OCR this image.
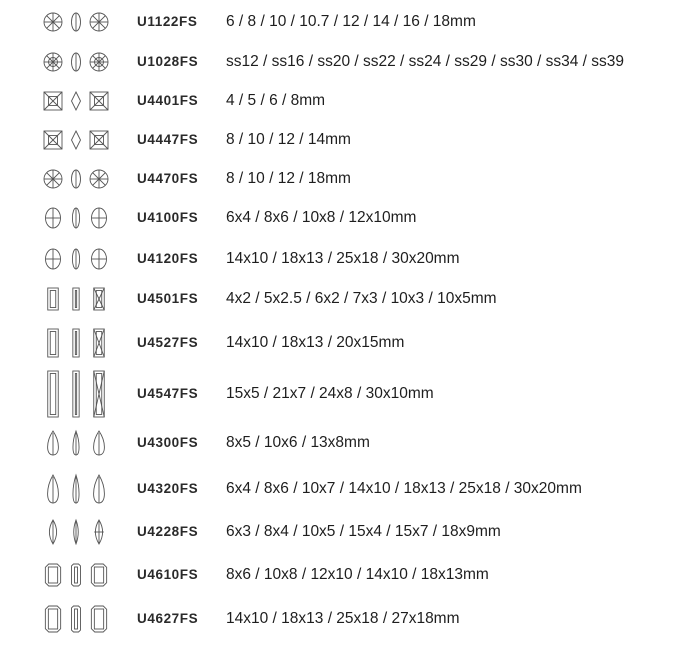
U1122FS 6 / 8 / 10 / 10.7 / 12 / 14 / 16 / 18mm
U1028FS ss12 / ss16 / ss20 / ss22 / ss24 / ss29 / ss30 / ss34 / ss39
U4401FS 4 / 5 / 6 / 8mm
U4447FS 8 / 10 / 12 / 14mm
U4470FS 8 / 10 / 12 / 18mm
U4100FS 6x4 / 8x6 / 10x8 / 12x10mm
U4120FS 14x10 / 18x13 / 25x18 / 30x20mm
U4501FS 4x2 / 5x2.5 / 6x2 / 7x3 / 10x3 / 10x5mm
U4527FS 14x10 / 18x13 / 20x15mm
U4547FS 15x5 / 21x7 / 24x8 / 30x10mm
U4300FS 8x5 / 10x6 / 13x8mm
U4320FS 6x4 / 8x6 / 10x7 / 14x10 / 18x13 / 25x18 / 30x20mm
U4228FS 6x3 / 8x4 / 10x5 / 15x4 / 15x7 / 18x9mm
U4610FS 8x6 / 10x8 / 12x10 / 14x10 / 18x13mm
U4627FS 14x10 / 18x13 / 25x18 / 27x18mm
